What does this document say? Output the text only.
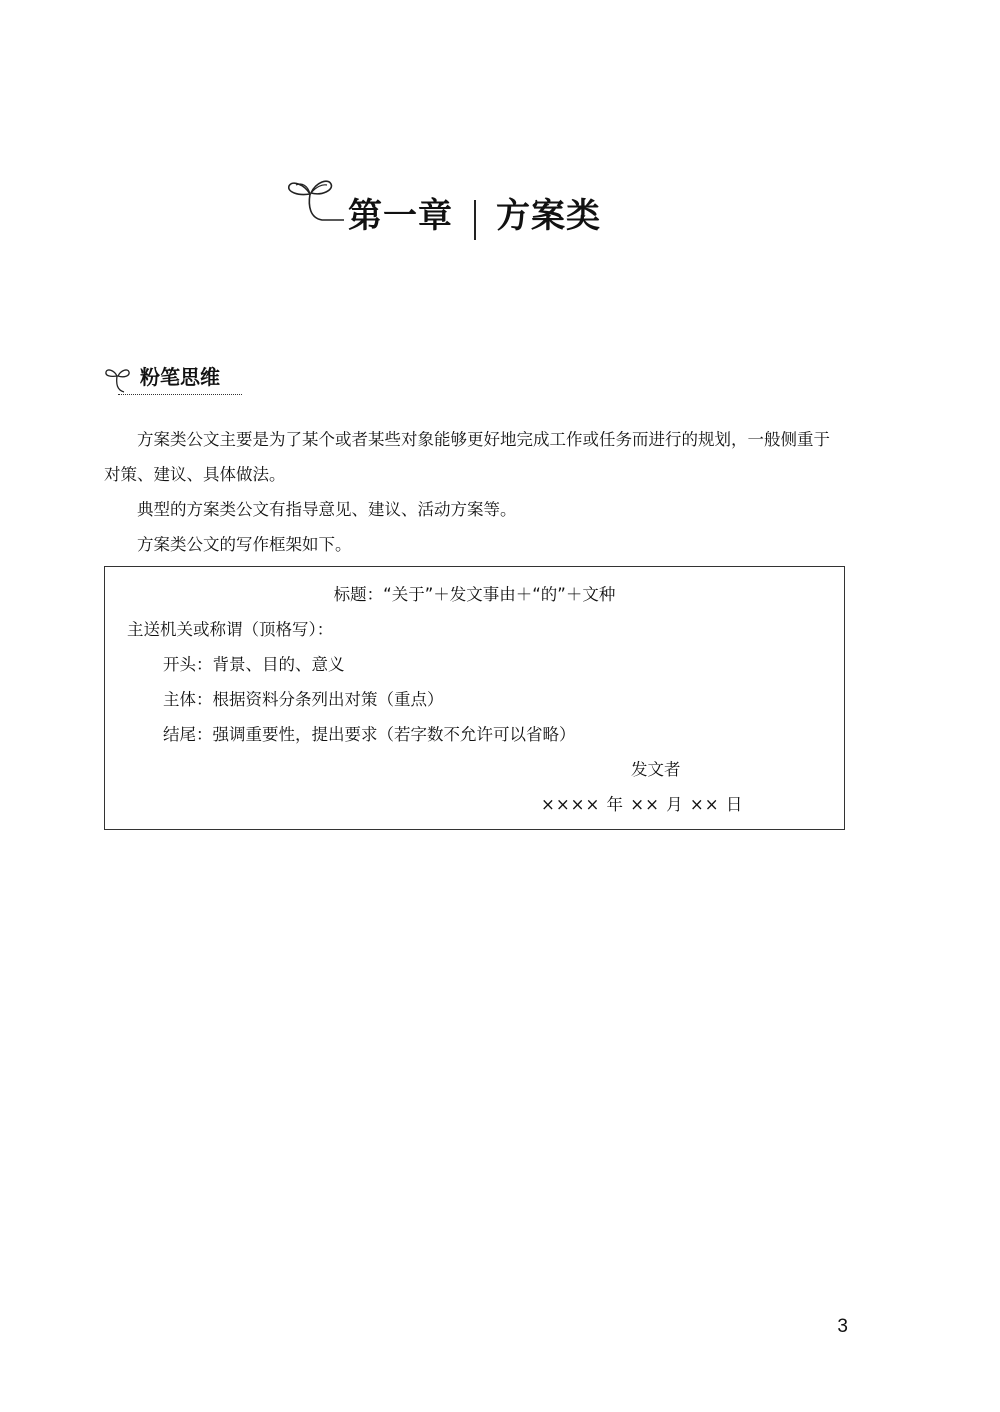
第一章 方案类
粉笔思维

方案类公文主要是为了某个或者某些对象能够更好地完成工作或任务而进行的规划，一般侧重于对策、建议、具体做法。

典型的方案类公文有指导意见、建议、活动方案等。

方案类公文的写作框架如下。

标题：“关于”＋发文事由＋“的”＋文种
主送机关或称谓（顶格写）：
开头：背景、目的、意义
主体：根据资料分条列出对策（重点）
结尾：强调重要性，提出要求（若字数不允许可以省略）
发文者
×××× 年 ×× 月 ×× 日
3
